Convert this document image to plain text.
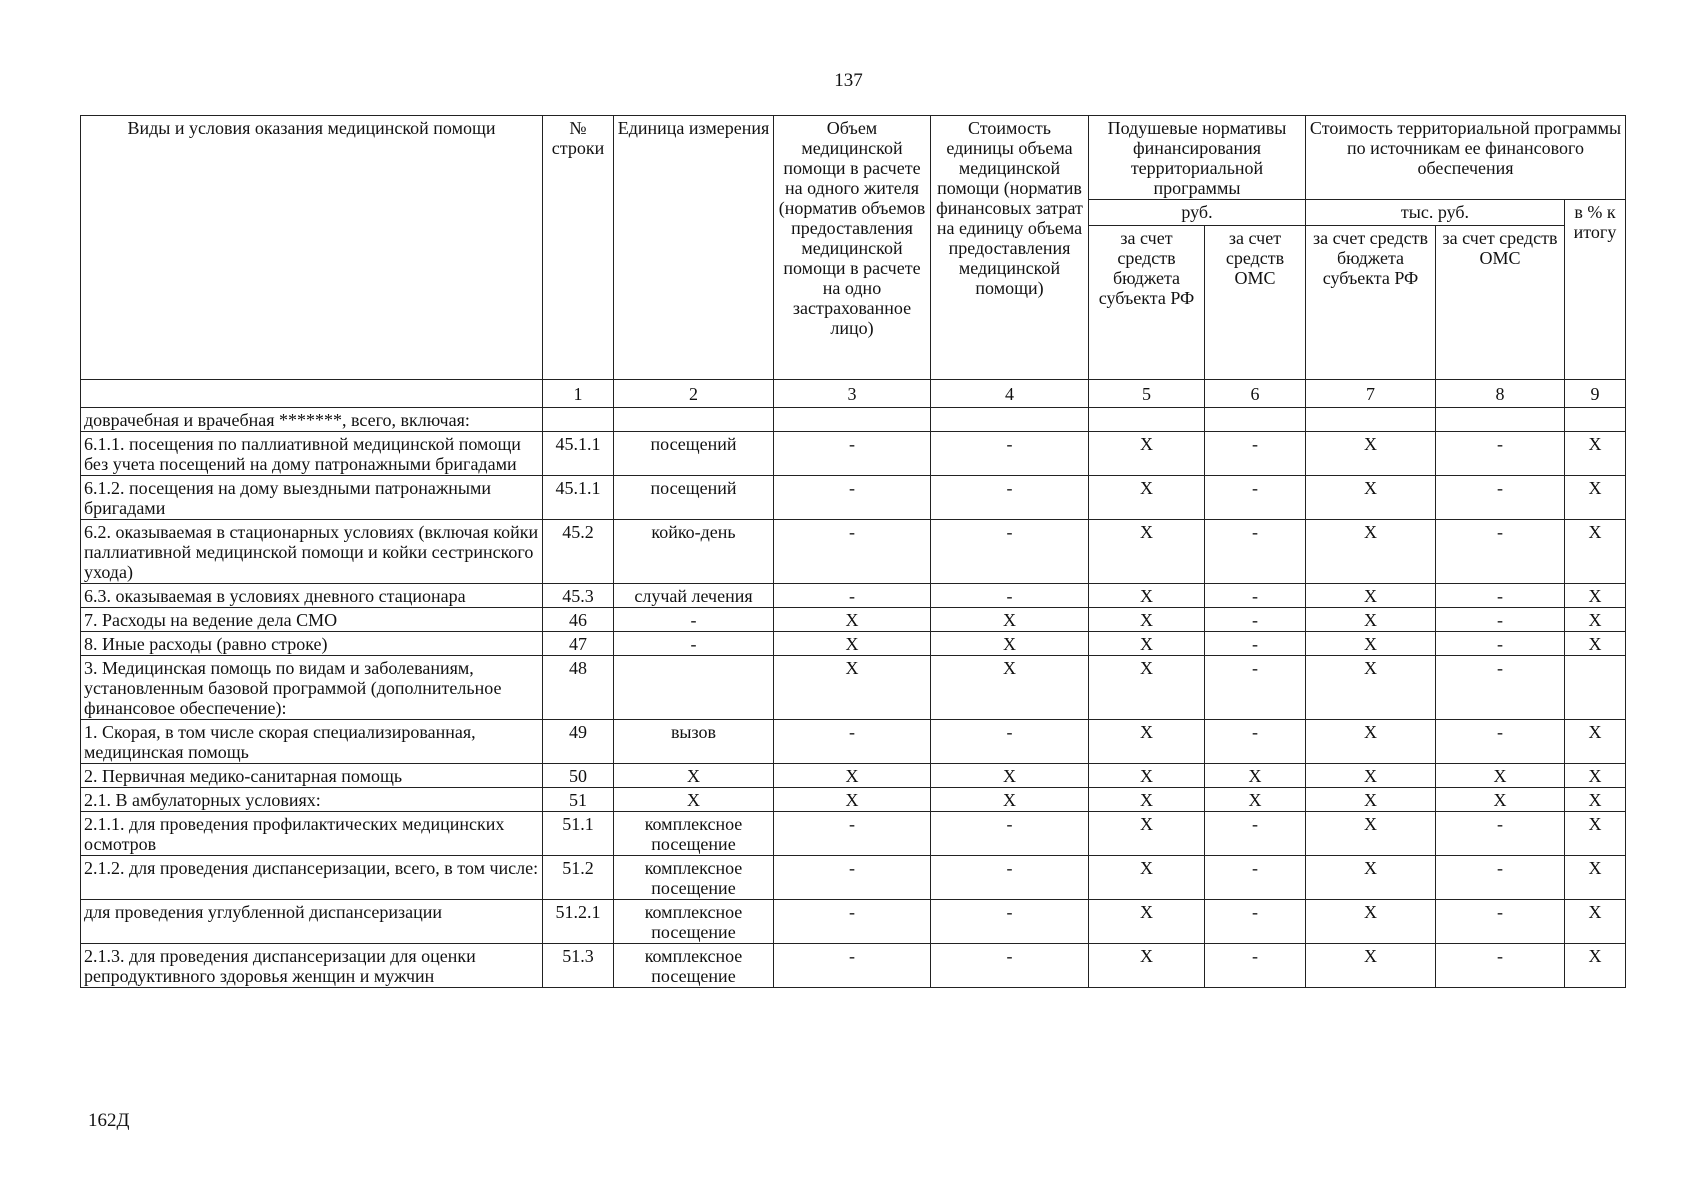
137
Виды и условия оказания медицинской помощи	№ строки	Единица измерения	Объем медицинской помощи в расчете на одного жителя (норматив объемов предоставления медицинской помощи в расчете на одно застрахованное лицо)	Стоимость единицы объема медицинской помощи (норматив финансовых затрат на единицу объема предоставления медицинской помощи)	Подушевые нормативы финансирования территориальной программы		Стоимость территориальной программы по источникам ее финансового обеспечения		
					руб.		тыс. руб.		в % к итогу
					за счет средств бюджета субъекта РФ	за счет средств ОМС	за счет средств бюджета субъекта РФ	за счет средств ОМС	
	1	2	3	4	5	6	7	8	9
доврачебная и врачебная *******, всего, включая:									
6.1.1. посещения по паллиативной медицинской помощи без учета посещений на дому патронажными бригадами	45.1.1	посещений	-	-	X	-	X	-	X
6.1.2. посещения на дому выездными патронажными бригадами	45.1.1	посещений	-	-	X	-	X	-	X
6.2. оказываемая в стационарных условиях (включая койки паллиативной медицинской помощи и койки сестринского ухода)	45.2	койко-день	-	-	X	-	X	-	X
6.3. оказываемая в условиях дневного стационара	45.3	случай лечения	-	-	X	-	X	-	X
7. Расходы на ведение дела СМО	46	-	X	X	X	-	X	-	X
8. Иные расходы (равно строке)	47	-	X	X	X	-	X	-	X
3. Медицинская помощь по видам и заболеваниям, установленным базовой программой (дополнительное финансовое обеспечение):	48		X	X	X	-	X	-	
1. Скорая, в том числе скорая специализированная, медицинская помощь	49	вызов	-	-	X	-	X	-	X
2. Первичная медико-санитарная помощь	50	X	X	X	X	X	X	X	X
2.1. В амбулаторных условиях:	51	X	X	X	X	X	X	X	X
2.1.1. для проведения профилактических медицинских осмотров	51.1	комплексное посещение	-	-	X	-	X	-	X
2.1.2. для проведения диспансеризации, всего, в том числе:	51.2	комплексное посещение	-	-	X	-	X	-	X
для проведения углубленной диспансеризации	51.2.1	комплексное посещение	-	-	X	-	X	-	X
2.1.3. для проведения диспансеризации для оценки репродуктивного здоровья женщин и мужчин	51.3	комплексное посещение	-	-	X	-	X	-	X
162Д
